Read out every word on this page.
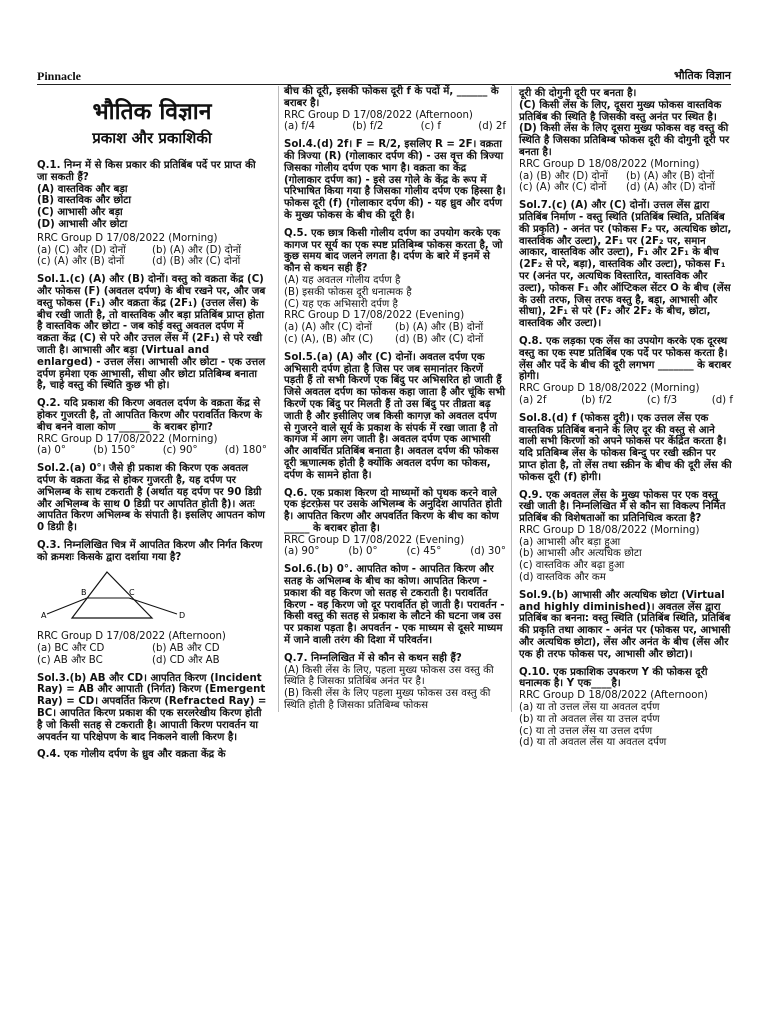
Pinnacle	भौतिक विज्ञान
भौतिक विज्ञान
प्रकाश और प्रकाशिकी

Q.1. निम्न में से किस प्रकार की प्रतिबिंब पर्दे पर प्राप्त की जा सकती हैं?

(A) वास्तविक और बड़ा
(B) वास्तविक और छोटा
(C) आभासी और बड़ा
(D) आभासी और छोटा
RRC Group D 17/08/2022 (Morning)
(a) (C) और (D) दोनों	(b) (A) और (D) दोनों
(c) (A) और (B) दोनों	(d) (B) और (C) दोनों

Sol.1.(c) (A) और (B) दोनों। वस्तु को वक्रता केंद्र (C) और फोकस (F) (अवतल दर्पण) के बीच रखने पर, और जब वस्तु फोकस (F₁) और वक्रता केंद्र (2F₁) (उत्तल लेंस) के बीच रखी जाती है, तो वास्तविक और बड़ा प्रतिबिंब प्राप्त होता है वास्तविक और छोटा - जब कोई वस्तु अवतल दर्पण में वक्रता केंद्र (C) से परे और उत्तल लेंस में (2F₁) से परे रखी जाती है। आभासी और बड़ा (Virtual and enlarged) - उत्तल लेंस। आभासी और छोटा - एक उत्तल दर्पण हमेशा एक आभासी, सीधा और छोटा प्रतिबिम्ब बनाता है, चाहे वस्तु की स्थिति कुछ भी हो।

Q.2. यदि प्रकाश की किरण अवतल दर्पण के वक्रता केंद्र से होकर गुजरती है, तो आपतित किरण और परावर्तित किरण के बीच बनने वाला कोण ______ के बराबर होगा?

RRC Group D 17/08/2022 (Morning)
(a) 0°	(b) 150°	(c) 90°	(d) 180°

Sol.2.(a) 0°। जैसे ही प्रकाश की किरण एक अवतल दर्पण के वक्रता केंद्र से होकर गुजरती है, यह दर्पण पर अभिलम्ब के साथ टकराती है (अर्थात यह दर्पण पर 90 डिग्री और अभिलम्ब के साथ 0 डिग्री पर आपतित होती है)। अतः आपतित किरण अभिलम्ब के संपाती है। इसलिए आपतन कोण 0 डिग्री है।

Q.3. निम्नलिखित चित्र में आपतित किरण और निर्गत किरण को क्रमशः किसके द्वारा दर्शाया गया है?

A
B	C
D
RRC Group D 17/08/2022 (Afternoon)
(a) BC और CD	(b) AB और CD
(c) AB और BC	(d) CD और AB

Sol.3.(b) AB और CD। आपतित किरण (Incident Ray) = AB और आपाती (निर्गत) किरण (Emergent Ray) = CD। अपवर्तित किरण (Refracted Ray) = BC। आपतित किरण प्रकाश की एक सरलरेखीय किरण होती है जो किसी सतह से टकराती है। आपाती किरण परावर्तन या अपवर्तन या परिक्षेपण के बाद निकलने वाली किरण है।

Q.4. एक गोलीय दर्पण के ध्रुव और वक्रता केंद्र के

बीच की दूरी, इसकी फोकस दूरी f के पदों में, ______ के बराबर है।

RRC Group D 17/08/2022 (Afternoon)
(a) f/4	(b) f/2	(c) f	(d) 2f

Sol.4.(d) 2f। F = R/2, इसलिए R = 2F। वक्रता की त्रिज्या (R) (गोलाकार दर्पण की) - उस वृत्त की त्रिज्या जिसका गोलीय दर्पण एक भाग है। वक्रता का केंद्र (गोलाकार दर्पण का) - इसे उस गोले के केंद्र के रूप में परिभाषित किया गया है जिसका गोलीय दर्पण एक हिस्सा है। फोकस दूरी (f) (गोलाकार दर्पण की) - यह ध्रुव और दर्पण के मुख्य फोकस के बीच की दूरी है।

Q.5. एक छात्र किसी गोलीय दर्पण का उपयोग करके एक कागज पर सूर्य का एक स्पष्ट प्रतिबिम्ब फोकस करता है, जो कुछ समय बाद जलने लगता है। दर्पण के बारे में इनमें से कौन से कथन सही हैं?

(A) यह अवतल गोलीय दर्पण है
(B) इसकी फोकस दूरी धनात्मक है
(C) यह एक अभिसारी दर्पण है
RRC Group D 17/08/2022 (Evening)
(a) (A) और (C) दोनों	(b) (A) और (B) दोनों
(c) (A), (B) और (C)	(d) (B) और (C) दोनों

Sol.5.(a) (A) और (C) दोनों। अवतल दर्पण एक अभिसारी दर्पण होता है जिस पर जब समानांतर किरणें पड़ती हैं तो सभी किरणें एक बिंदु पर अभिसरित हो जाती हैं जिसे अवतल दर्पण का फोकस कहा जाता है और चूंकि सभी किरणें एक बिंदु पर मिलती हैं तो उस बिंदु पर तीव्रता बढ़ जाती है और इसीलिए जब किसी कागज़ को अवतल दर्पण से गुजरने वाले सूर्य के प्रकाश के संपर्क में रखा जाता है तो कागज में आग लग जाती है। अवतल दर्पण एक आभासी और आवर्धित प्रतिबिंब बनाता है। अवतल दर्पण की फोकस दूरी ऋणात्मक होती है क्योंकि अवतल दर्पण का फोकस, दर्पण के सामने होता है।

Q.6. एक प्रकाश किरण दो माध्यमों को पृथक करने वाले एक इंटरफ़ेस पर उसके अभिलम्ब के अनुदिश आपतित होती है। आपतित किरण और अपवर्तित किरण के बीच का कोण _____ के बराबर होता है।

RRC Group D 17/08/2022 (Evening)
(a) 90°	(b) 0°	(c) 45°	(d) 30°

Sol.6.(b) 0°. आपतित कोण - आपतित किरण और सतह के अभिलम्ब के बीच का कोण। आपतित किरण - प्रकाश की वह किरण जो सतह से टकराती है। परावर्तित किरण - वह किरण जो दूर परावर्तित हो जाती है। परावर्तन - किसी वस्तु की सतह से प्रकाश के लौटने की घटना जब उस पर प्रकाश पड़ता है। अपवर्तन - एक माध्यम से दूसरे माध्यम में जाने वाली तरंग की दिशा में परिवर्तन।

Q.7. निम्नलिखित में से कौन से कथन सही हैं?

(A) किसी लेंस के लिए, पहला मुख्य फोकस उस वस्तु की स्थिति है जिसका प्रतिबिंब अनंत पर है।
(B) किसी लेंस के लिए पहला मुख्य फोकस उस वस्तु की स्थिति होती है जिसका प्रतिबिम्ब फोकस
दूरी की दोगुनी दूरी पर बनता है।
(C) किसी लेंस के लिए, दूसरा मुख्य फोकस वास्तविक प्रतिबिंब की स्थिति है जिसकी वस्तु अनंत पर स्थित है।
(D) किसी लेंस के लिए दूसरा मुख्य फोकस वह वस्तु की स्थिति है जिसका प्रतिबिम्ब फोकस दूरी की दोगुनी दूरी पर बनता है।
RRC Group D 18/08/2022 (Morning)
(a) (B) और (D) दोनों	(b) (A) और (B) दोनों
(c) (A) और (C) दोनों	(d) (A) और (D) दोनों

Sol.7.(c) (A) और (C) दोनों। उत्तल लेंस द्वारा प्रतिबिंब निर्माण - वस्तु स्थिति (प्रतिबिंब स्थिति, प्रतिबिंब की प्रकृति) - अनंत पर (फोकस F₂ पर, अत्यधिक छोटा, वास्तविक और उल्टा), 2F₁ पर (2F₂ पर, समान आकार, वास्तविक और उल्टा), F₁ और 2F₁ के बीच (2F₂ से परे, बड़ा), वास्तविक और उल्टा), फोकस F₁ पर (अनंत पर, अत्यधिक विस्तारित, वास्तविक और उल्टा), फोकस F₁ और ऑप्टिकल सेंटर O के बीच (लेंस के उसी तरफ, जिस तरफ वस्तु है, बड़ा, आभासी और सीधा), 2F₁ से परे (F₂ और 2F₂ के बीच, छोटा, वास्तविक और उल्टा)।

Q.8. एक लड़का एक लेंस का उपयोग करके एक दूरस्थ वस्तु का एक स्पष्ट प्रतिबिंब एक पर्दे पर फोकस करता है। लेंस और पर्दे के बीच की दूरी लगभग _______ के बराबर होगी।

RRC Group D 18/08/2022 (Morning)
(a) 2f	(b) f/2	(c) f/3	(d) f

Sol.8.(d) f (फोकस दूरी)। एक उत्तल लेंस एक वास्तविक प्रतिबिंब बनाने के लिए दूर की वस्तु से आने वाली सभी किरणों को अपने फोकस पर केंद्रित करता है। यदि प्रतिबिम्ब लेंस के फोकस बिन्दु पर रखी स्क्रीन पर प्राप्त होता है, तो लेंस तथा स्क्रीन के बीच की दूरी लेंस की फोकस दूरी (f) होगी।

Q.9. एक अवतल लेंस के मुख्य फोकस पर एक वस्तु रखी जाती है। निम्नलिखित में से कौन सा विकल्प निर्मित प्रतिबिंब की विशेषताओं का प्रतिनिधित्व करता है?

RRC Group D 18/08/2022 (Morning)
(a) आभासी और बड़ा हुआ
(b) आभासी और अत्यधिक छोटा
(c) वास्तविक और बढ़ा हुआ
(d) वास्तविक और कम

Sol.9.(b) आभासी और अत्यधिक छोटा (Virtual and highly diminished)। अवतल लेंस द्वारा प्रतिबिंब का बनना: वस्तु स्थिति (प्रतिबिंब स्थिति, प्रतिबिंब की प्रकृति तथा आकार - अनंत पर (फोकस पर, आभासी और अत्यधिक छोटा), लेंस और अनंत के बीच (लेंस और एक ही तरफ फोकस पर, आभासी और छोटा)।

Q.10. एक प्रकाशिक उपकरण Y की फोकस दूरी धनात्मक है। Y एक____है।

RRC Group D 18/08/2022 (Afternoon)
(a) या तो उत्तल लेंस या अवतल दर्पण
(b) या तो अवतल लेंस या उत्तल दर्पण
(c) या तो उत्तल लेंस या उत्तल दर्पण
(d) या तो अवतल लेंस या अवतल दर्पण
